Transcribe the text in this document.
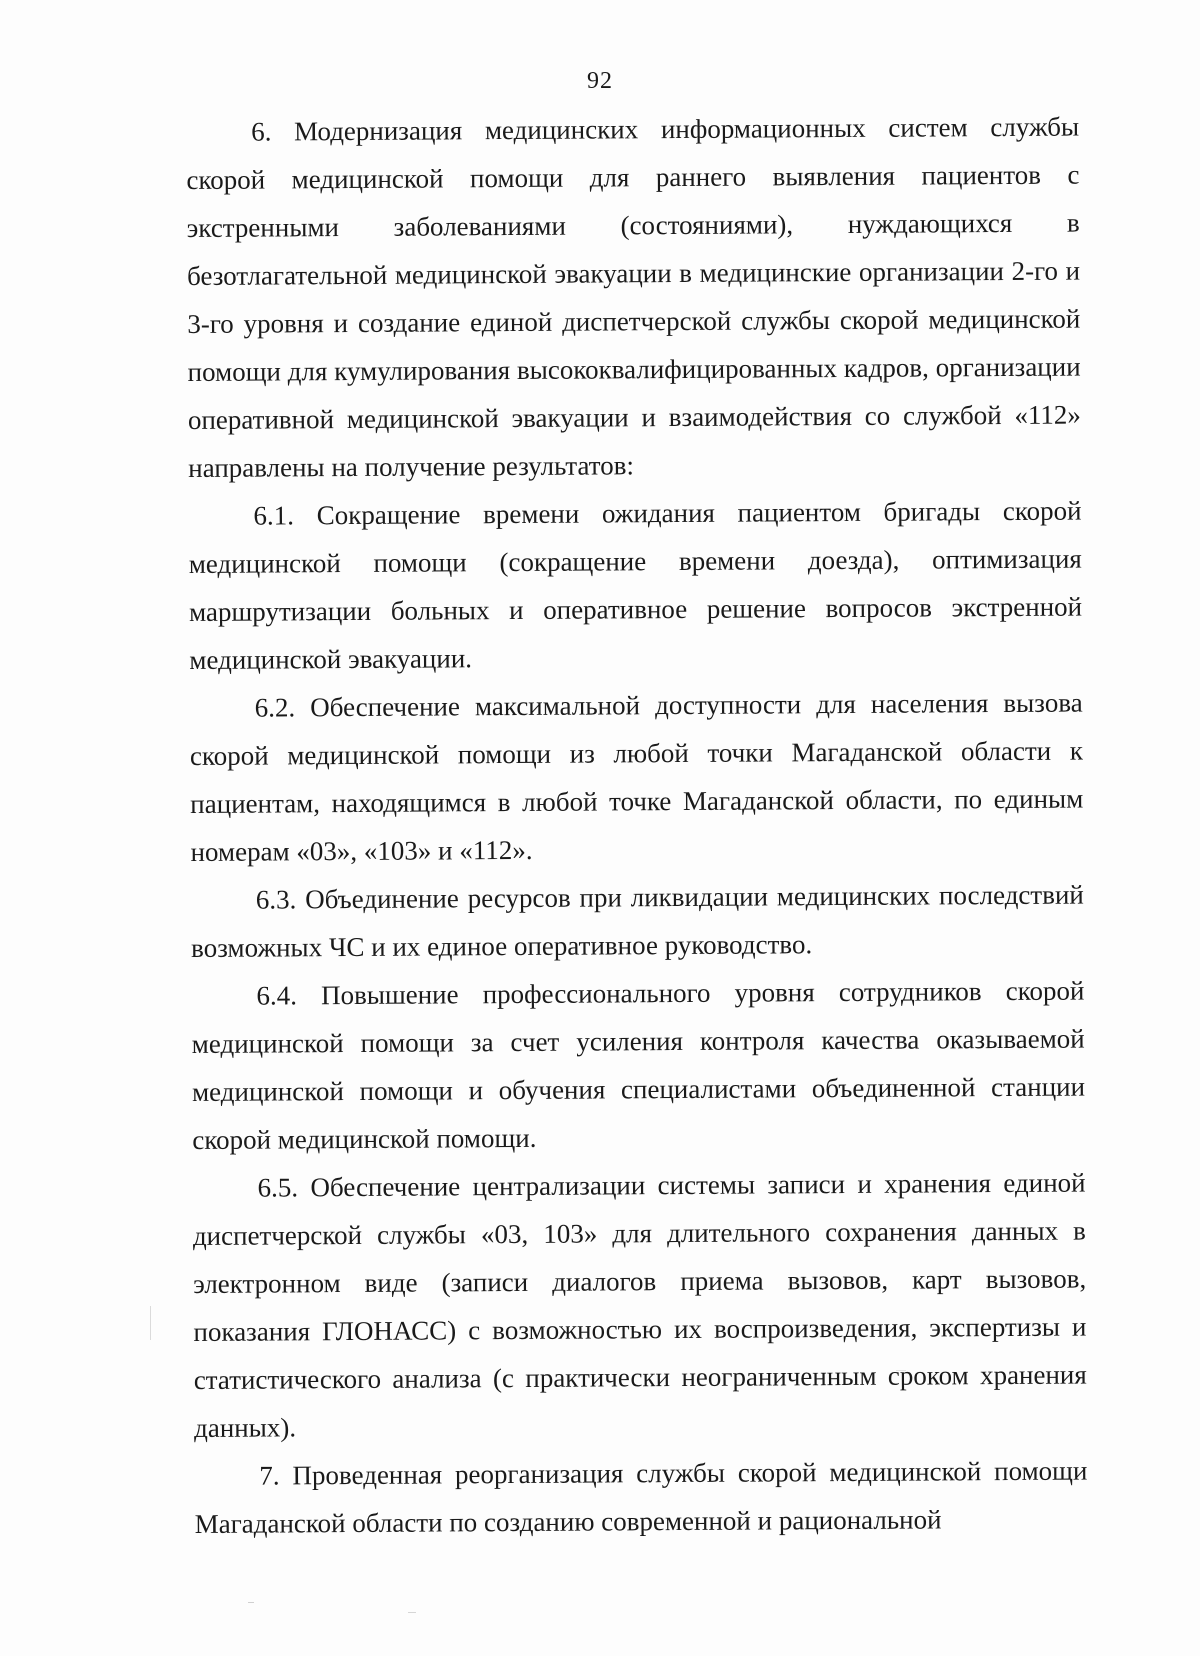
92

6. Модернизация медицинских информационных систем службы скорой медицинской помощи для раннего выявления пациентов с экстренными заболеваниями (состояниями), нуждающихся в безотлагательной медицинской эвакуации в медицинские организации 2-го и 3-го уровня и создание единой диспетчерской службы скорой медицинской помощи для кумулирования высококвалифицированных кадров, организации оперативной медицинской эвакуации и взаимодействия со службой «112» направлены на получение результатов:

6.1. Сокращение времени ожидания пациентом бригады скорой медицинской помощи (сокращение времени доезда), оптимизация маршрутизации больных и оперативное решение вопросов экстренной медицинской эвакуации.

6.2. Обеспечение максимальной доступности для населения вызова скорой медицинской помощи из любой точки Магаданской области к пациентам, находящимся в любой точке Магаданской области, по единым номерам «03», «103» и «112».

6.3. Объединение ресурсов при ликвидации медицинских последствий возможных ЧС и их единое оперативное руководство.

6.4. Повышение профессионального уровня сотрудников скорой медицинской помощи за счет усиления контроля качества оказываемой медицинской помощи и обучения специалистами объединенной станции скорой медицинской помощи.

6.5. Обеспечение централизации системы записи и хранения единой диспетчерской службы «03, 103» для длительного сохранения данных в электронном виде (записи диалогов приема вызовов, карт вызовов, показания ГЛОНАСС) с возможностью их воспроизведения, экспертизы и статистического анализа (с практически неограниченным сроком хранения данных).

7. Проведенная реорганизация службы скорой медицинской помощи Магаданской области по созданию современной и рациональной
